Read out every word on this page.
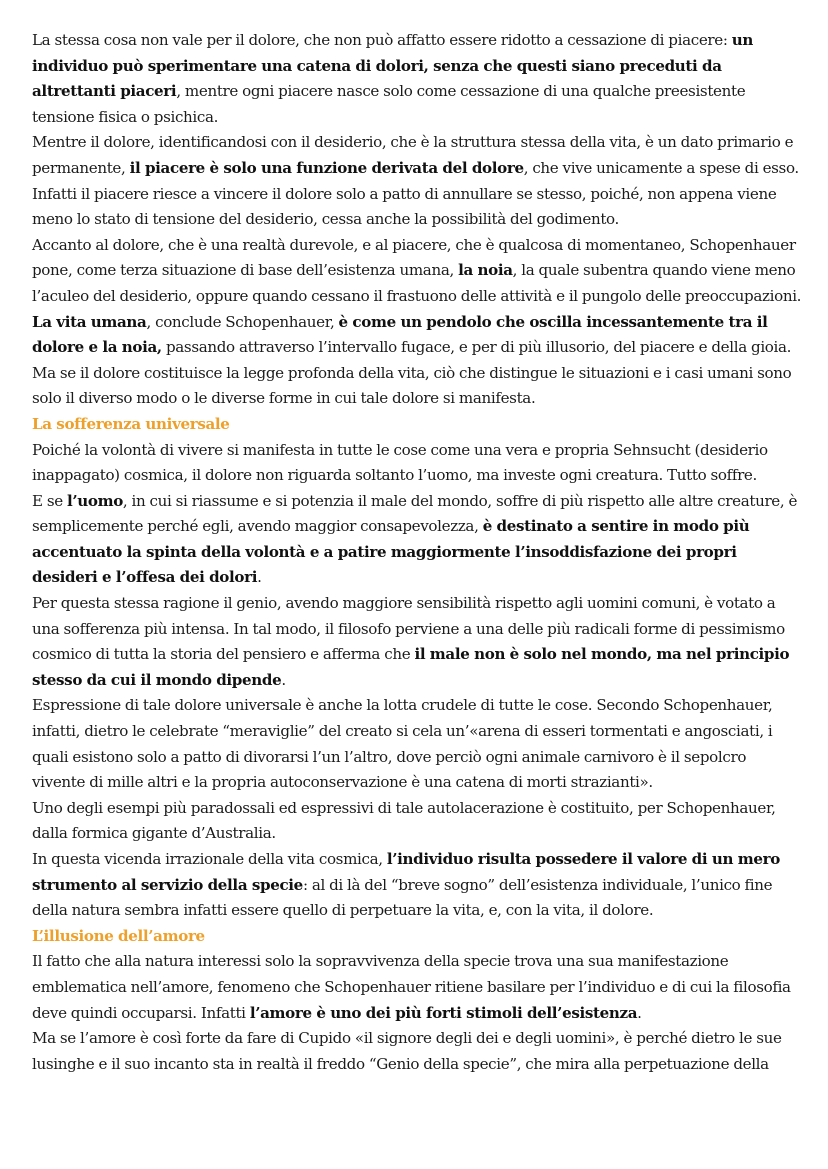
La stessa cosa non vale per il dolore, che non può affatto essere ridotto a cessazione di piacere: un individuo può sperimentare una catena di dolori, senza che questi siano preceduti da altrettanti piaceri, mentre ogni piacere nasce solo come cessazione di una qualche preesistente tensione fisica o psichica.

Mentre il dolore, identificandosi con il desiderio, che è la struttura stessa della vita, è un dato primario e permanente, il piacere è solo una funzione derivata del dolore, che vive unicamente a spese di esso. Infatti il piacere riesce a vincere il dolore solo a patto di annullare se stesso, poiché, non appena viene meno lo stato di tensione del desiderio, cessa anche la possibilità del godimento.

Accanto al dolore, che è una realtà durevole, e al piacere, che è qualcosa di momentaneo, Schopenhauer pone, come terza situazione di base dell’esistenza umana, la noia, la quale subentra quando viene meno l’aculeo del desiderio, oppure quando cessano il frastuono delle attività e il pungolo delle preoccupazioni. La vita umana, conclude Schopenhauer, è come un pendolo che oscilla incessantemente tra il dolore e la noia, passando attraverso l’intervallo fugace, e per di più illusorio, del piacere e della gioia.

Ma se il dolore costituisce la legge profonda della vita, ciò che distingue le situazioni e i casi umani sono solo il diverso modo o le diverse forme in cui tale dolore si manifesta.

La sofferenza universale

Poiché la volontà di vivere si manifesta in tutte le cose come una vera e propria Sehnsucht (desiderio inappagato) cosmica, il dolore non riguarda soltanto l’uomo, ma investe ogni creatura. Tutto soffre.

E se l’uomo, in cui si riassume e si potenzia il male del mondo, soffre di più rispetto alle altre creature, è semplicemente perché egli, avendo maggior consapevolezza, è destinato a sentire in modo più accentuato la spinta della volontà e a patire maggiormente l’insoddisfazione dei propri desideri e l’offesa dei dolori.

Per questa stessa ragione il genio, avendo maggiore sensibilità rispetto agli uomini comuni, è votato a una sofferenza più intensa. In tal modo, il filosofo perviene a una delle più radicali forme di pessimismo cosmico di tutta la storia del pensiero e afferma che il male non è solo nel mondo, ma nel principio stesso da cui il mondo dipende.

Espressione di tale dolore universale è anche la lotta crudele di tutte le cose. Secondo Schopenhauer, infatti, dietro le celebrate “meraviglie” del creato si cela un’«arena di esseri tormentati e angosciati, i quali esistono solo a patto di divorarsi l’un l’altro, dove perciò ogni animale carnivoro è il sepolcro vivente di mille altri e la propria autoconservazione è una catena di morti strazianti».

Uno degli esempi più paradossali ed espressivi di tale autolacerazione è costituito, per Schopenhauer, dalla formica gigante d’Australia.

In questa vicenda irrazionale della vita cosmica, l’individuo risulta possedere il valore di un mero strumento al servizio della specie: al di là del “breve sogno” dell’esistenza individuale, l’unico fine della natura sembra infatti essere quello di perpetuare la vita, e, con la vita, il dolore.

L’illusione dell’amore

Il fatto che alla natura interessi solo la sopravvivenza della specie trova una sua manifestazione emblematica nell’amore, fenomeno che Schopenhauer ritiene basilare per l’individuo e di cui la filosofia deve quindi occuparsi. Infatti l’amore è uno dei più forti stimoli dell’esistenza.

Ma se l’amore è così forte da fare di Cupido «il signore degli dei e degli uomini», è perché dietro le sue lusinghe e il suo incanto sta in realtà il freddo “Genio della specie”, che mira alla perpetuazione della
